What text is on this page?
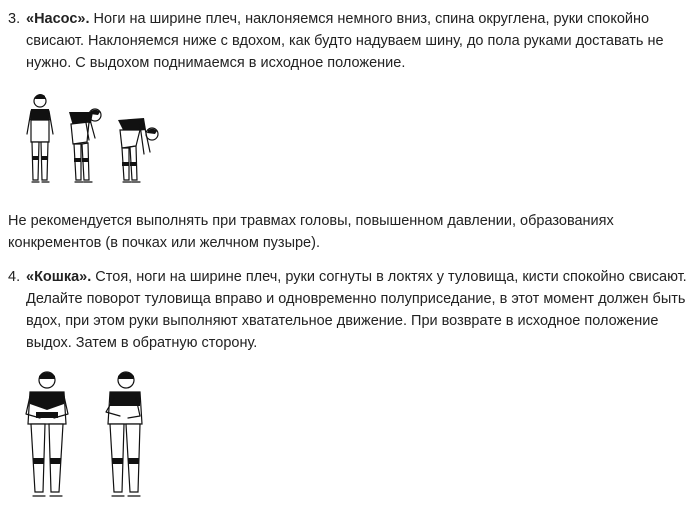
3. «Насос». Ноги на ширине плеч, наклоняемся немного вниз, спина округлена, руки спокойно свисают. Наклоняемся ниже с вдохом, как будто надуваем шину, до пола руками доставать не нужно. С выдохом поднимаемся в исходное положение.
Не рекомендуется выполнять при травмах головы, повышенном давлении, образованиях конкрементов (в почках или желчном пузыре).
4. «Кошка». Стоя, ноги на ширине плеч, руки согнуты в локтях у туловища, кисти спокойно свисают. Делайте поворот туловища вправо и одновременно полуприседание, в этот момент должен быть вдох, при этом руки выполняют хватательное движение. При возврате в исходное положение выдох. Затем в обратную сторону.
